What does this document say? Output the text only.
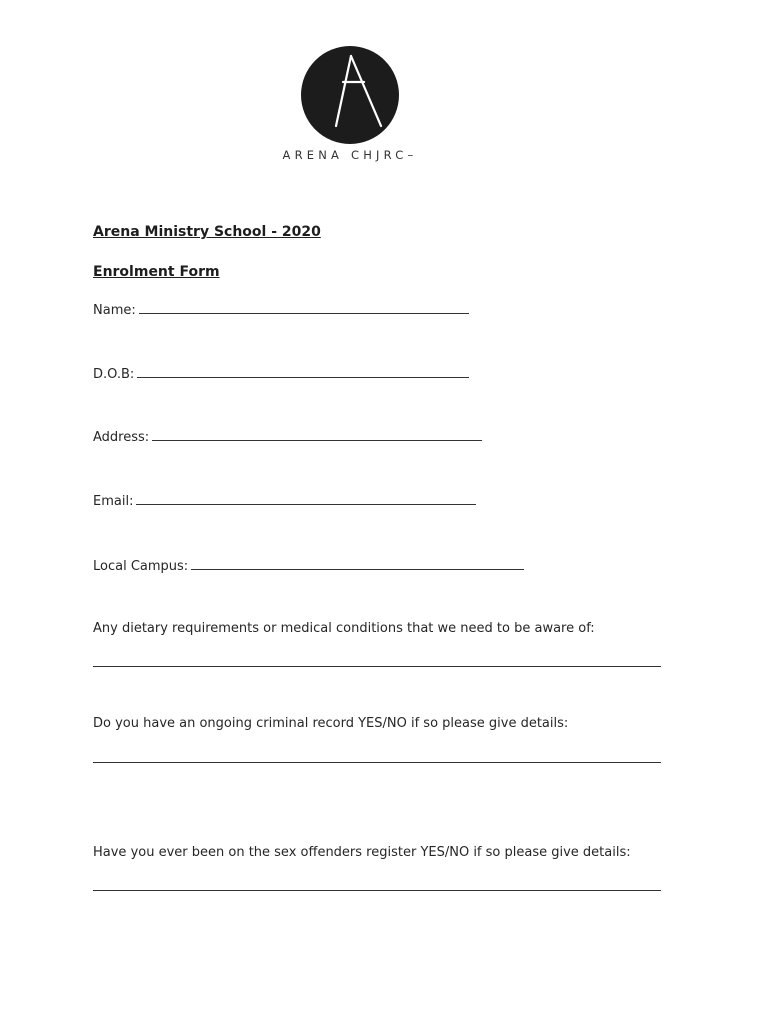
ARENA CHJRC–
Arena Ministry School - 2020
Enrolment Form
Name:
D.O.B:
Address:
Email:
Local Campus:
Any dietary requirements or medical conditions that we need to be aware of:
Do you have an ongoing criminal record YES/NO if so please give details:
Have you ever been on the sex offenders register YES/NO if so please give details:
